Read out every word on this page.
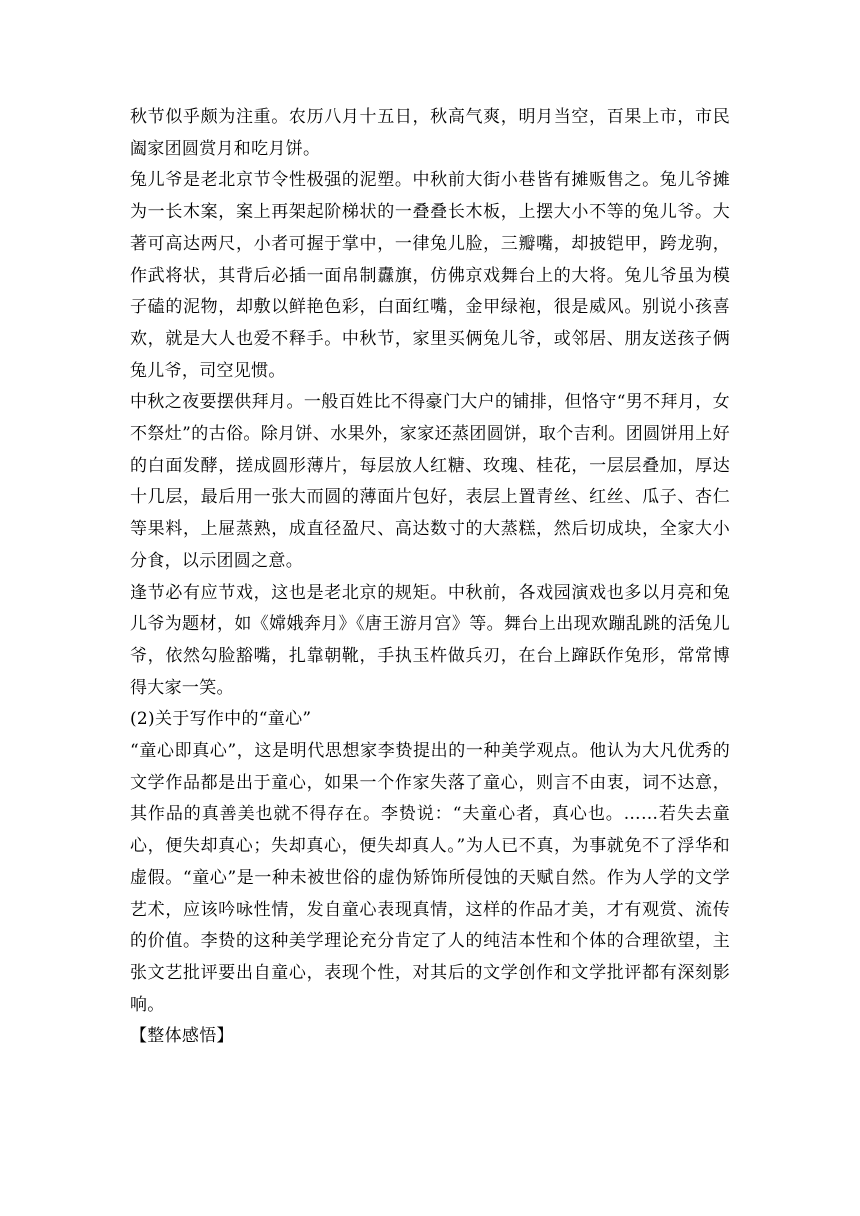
秋节似乎颇为注重。农历八月十五日，秋高气爽，明月当空，百果上市，市民阖家团圆赏月和吃月饼。

兔儿爷是老北京节令性极强的泥塑。中秋前大街小巷皆有摊贩售之。兔儿爷摊为一长木案，案上再架起阶梯状的一叠叠长木板，上摆大小不等的兔儿爷。大著可高达两尺，小者可握于掌中，一律兔儿脸，三瓣嘴，却披铠甲，跨龙驹，作武将状，其背后必插一面帛制纛旗，仿佛京戏舞台上的大将。兔儿爷虽为模子磕的泥物，却敷以鲜艳色彩，白面红嘴，金甲绿袍，很是威风。别说小孩喜欢，就是大人也爱不释手。中秋节，家里买俩兔儿爷，或邻居、朋友送孩子俩兔儿爷，司空见惯。

中秋之夜要摆供拜月。一般百姓比不得豪门大户的铺排，但恪守“男不拜月，女不祭灶”的古俗。除月饼、水果外，家家还蒸团圆饼，取个吉利。团圆饼用上好的白面发酵，搓成圆形薄片，每层放人红糖、玫瑰、桂花，一层层叠加，厚达十几层，最后用一张大而圆的薄面片包好，表层上置青丝、红丝、瓜子、杏仁等果料，上屉蒸熟，成直径盈尺、高达数寸的大蒸糕，然后切成块，全家大小分食，以示团圆之意。

逢节必有应节戏，这也是老北京的规矩。中秋前，各戏园演戏也多以月亮和兔儿爷为题材，如《嫦娥奔月》《唐王游月宫》等。舞台上出现欢蹦乱跳的活兔儿爷，依然勾脸豁嘴，扎靠朝靴，手执玉杵做兵刃，在台上蹿跃作兔形，常常博得大家一笑。

(2)关于写作中的“童心”

“童心即真心”，这是明代思想家李贽提出的一种美学观点。他认为大凡优秀的文学作品都是出于童心，如果一个作家失落了童心，则言不由衷，词不达意，其作品的真善美也就不得存在。李贽说：“夫童心者，真心也。……若失去童心，便失却真心；失却真心，便失却真人。”为人已不真，为事就免不了浮华和虚假。“童心”是一种未被世俗的虚伪矫饰所侵蚀的天赋自然。作为人学的文学艺术，应该吟咏性情，发自童心表现真情，这样的作品才美，才有观赏、流传的价值。李贽的这种美学理论充分肯定了人的纯洁本性和个体的合理欲望，主张文艺批评要出自童心，表现个性，对其后的文学创作和文学批评都有深刻影响。

【整体感悟】
